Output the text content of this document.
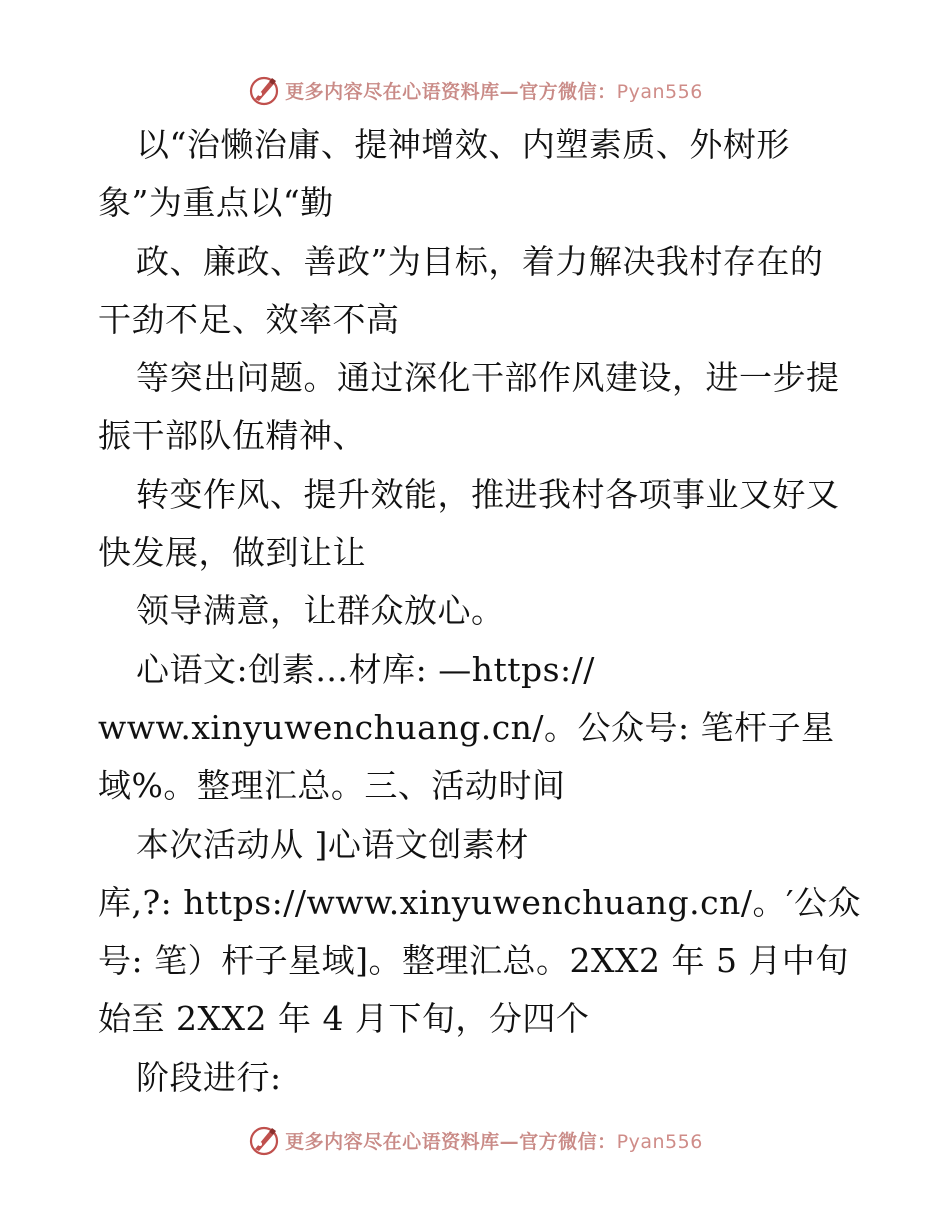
更多内容尽在心语资料库—官方微信：Pyan556
以“治懒治庸、提神增效、内塑素质、外树形
象”为重点以“勤
政、廉政、善政”为目标，着力解决我村存在的
干劲不足、效率不高
等突出问题。通过深化干部作风建设，进一步提
振干部队伍精神、
转变作风、提升效能，推进我村各项事业又好又
快发展，做到让让
领导满意，让群众放心。
心语文:创素…材库: —https://
www.xinyuwenchuang.cn/。公众号: 笔杆子星
域%。整理汇总。三、活动时间
本次活动从 ]心语文创素材
库,?: https://www.xinyuwenchuang.cn/。′公众
号: 笔）杆子星域]。整理汇总。2XX2 年 5 月中旬
始至 2XX2 年 4 月下旬，分四个
阶段进行:
更多内容尽在心语资料库—官方微信：Pyan556
